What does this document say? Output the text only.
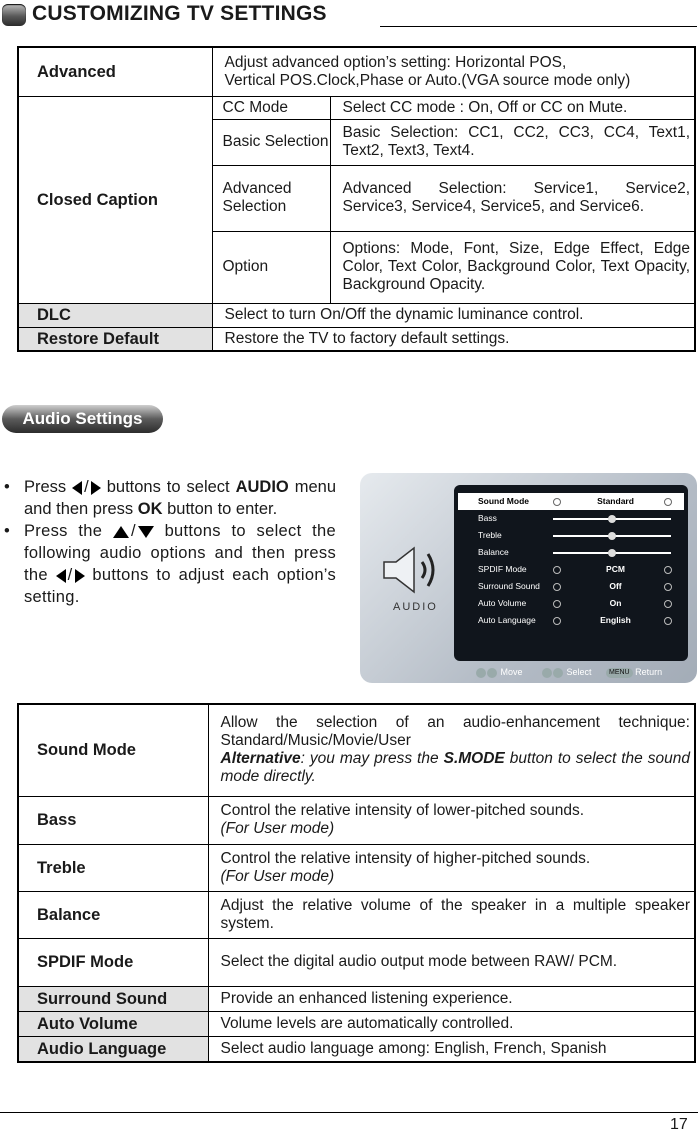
CUSTOMIZING TV SETTINGS
Advanced	Adjust advanced option’s setting: Horizontal POS,
Vertical POS.Clock,Phase or Auto.(VGA source mode only)	
Closed Caption	CC Mode	Select CC mode : On, Off or CC on Mute.
	Basic Selection	Basic Selection: CC1, CC2, CC3, CC4, Text1, Text2, Text3, Text4.
	Advanced Selection	Advanced Selection: Service1, Service2, Service3, Service4, Service5, and Service6.
	Option	Options: Mode, Font, Size, Edge Effect, Edge Color, Text Color, Background Color, Text Opacity, Background Opacity.
DLC	Select to turn On/Off the dynamic luminance control.	
Restore Default	Restore the TV to factory default settings.	
Audio Settings
• Press / buttons to select AUDIO menu and then press OK button to enter.
• Press the / buttons to select the following audio options and then press the / buttons to adjust each option’s setting.
AUDIO
Sound Mode	Standard
Bass
Treble
Balance
SPDIF Mode	PCM
Surround Sound	Off
Auto Volume	On
Auto Language	English
Move	Select	MENU Return
Sound Mode	Allow the selection of an audio-enhancement technique: Standard/Music/Movie/User
Alternative: you may press the S.MODE button to select the sound mode directly.
Bass	Control the relative intensity of lower-pitched sounds.
(For User mode)
Treble	Control the relative intensity of higher-pitched sounds.
(For User mode)
Balance	Adjust the relative volume of the speaker in a multiple speaker system.
SPDIF Mode	Select the digital audio output mode between RAW/ PCM.
Surround Sound	Provide an enhanced listening experience.
Auto Volume	Volume levels are automatically controlled.
Audio Language	Select audio language among: English, French, Spanish
17
